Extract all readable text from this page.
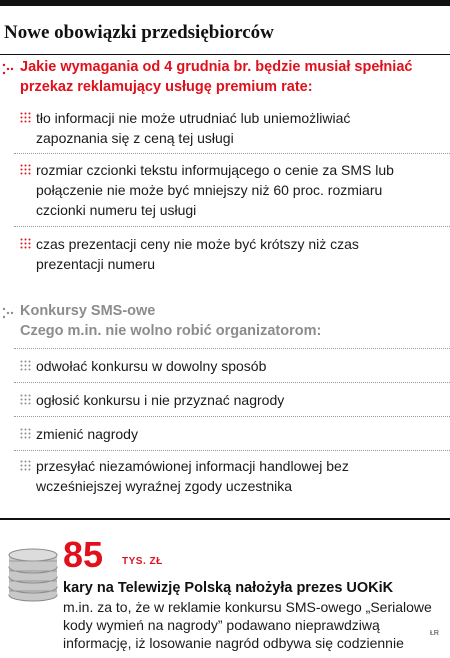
Nowe obowiązki przedsiębiorców
Jakie wymagania od 4 grudnia br. będzie musiał spełniać
przekaz reklamujący usługę premium rate:
tło informacji nie może utrudniać lub uniemożliwiać
zapoznania się z ceną tej usługi
rozmiar czcionki tekstu informującego o cenie za SMS lub
połączenie nie może być mniejszy niż 60 proc. rozmiaru
czcionki numeru tej usługi
czas prezentacji ceny nie może być krótszy niż czas
prezentacji numeru
Konkursy SMS-owe
Czego m.in. nie wolno robić organizatorom:
odwołać konkursu w dowolny sposób
ogłosić konkursu i nie przyznać nagrody
zmienić nagrody
przesyłać niezamówionej informacji handlowej bez
wcześniejszej wyraźnej zgody uczestnika
85 TYS. ZŁ
kary na Telewizję Polską nałożyła prezes UOKiK
m.in. za to, że w reklamie konkursu SMS-owego „Serialowe
kody wymień na nagrody” podawano nieprawdziwą
informację, iż losowanie nagród odbywa się codziennie
ŁR
